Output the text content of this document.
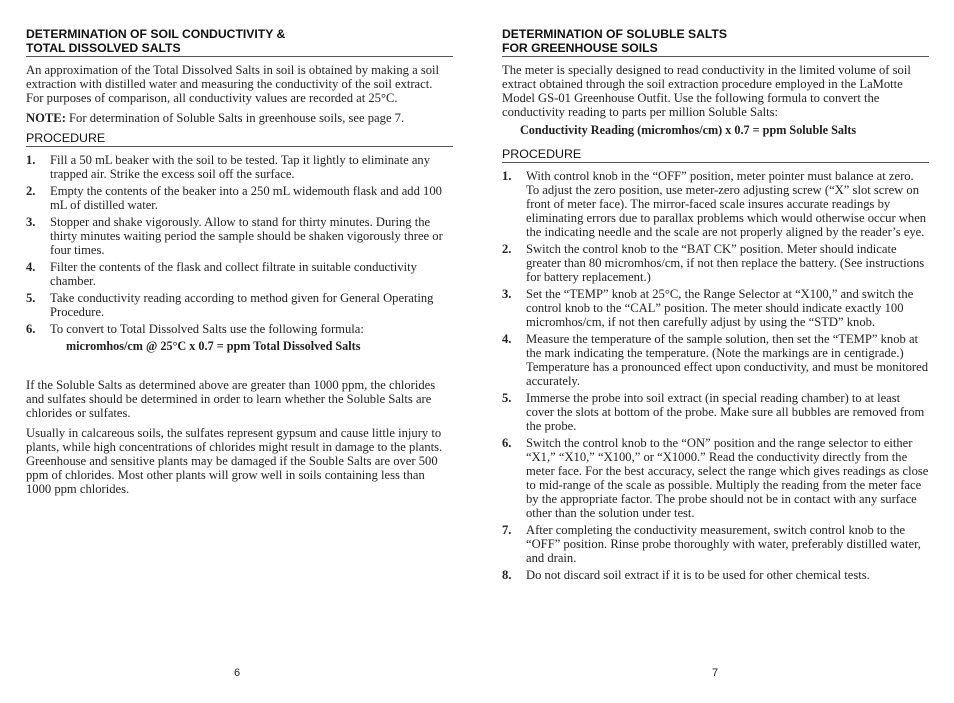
DETERMINATION OF SOIL CONDUCTIVITY &
TOTAL DISSOLVED SALTS

An approximation of the Total Dissolved Salts in soil is obtained by making a soil extraction with distilled water and measuring the conductivity of the soil extract. For purposes of comparison, all conductivity values are recorded at 25°C.

NOTE: For determination of Soluble Salts in greenhouse soils, see page 7.

PROCEDURE
1.	Fill a 50 mL beaker with the soil to be tested. Tap it lightly to eliminate any trapped air. Strike the excess soil off the surface.
2.	Empty the contents of the beaker into a 250 mL widemouth flask and add 100 mL of distilled water.
3.	Stopper and shake vigorously. Allow to stand for thirty minutes. During the thirty minutes waiting period the sample should be shaken vigorously three or four times.
4.	Filter the contents of the flask and collect filtrate in suitable conductivity chamber.
5.	Take conductivity reading according to method given for General Operating Procedure.
6.	To convert to Total Dissolved Salts use the following formula:
micromhos/cm @ 25°C x 0.7 = ppm Total Dissolved Salts

If the Soluble Salts as determined above are greater than 1000 ppm, the chlorides and sulfates should be determined in order to learn whether the Soluble Salts are chlorides or sulfates.

Usually in calcareous soils, the sulfates represent gypsum and cause little injury to plants, while high concentrations of chlorides might result in damage to the plants. Greenhouse and sensitive plants may be damaged if the Souble Salts are over 500 ppm of chlorides. Most other plants will grow well in soils containing less than 1000 ppm chlorides.

6
DETERMINATION OF SOLUBLE SALTS
FOR GREENHOUSE SOILS

The meter is specially designed to read conductivity in the limited volume of soil extract obtained through the soil extraction procedure employed in the LaMotte Model GS-01 Greenhouse Outfit. Use the following formula to convert the conductivity reading to parts per million Soluble Salts:

Conductivity Reading (micromhos/cm) x 0.7 = ppm Soluble Salts
PROCEDURE
1.	With control knob in the “OFF” position, meter pointer must balance at zero. To adjust the zero position, use meter-zero adjusting screw (“X” slot screw on front of meter face). The mirror-faced scale insures accurate readings by eliminating errors due to parallax problems which would otherwise occur when the indicating needle and the scale are not properly aligned by the reader’s eye.
2.	Switch the control knob to the “BAT CK” position. Meter should indicate greater than 80 micromhos/cm, if not then replace the battery. (See instructions for battery replacement.)
3.	Set the “TEMP” knob at 25°C, the Range Selector at “X100,” and switch the control knob to the “CAL” position. The meter should indicate exactly 100 micromhos/cm, if not then carefully adjust by using the “STD” knob.
4.	Measure the temperature of the sample solution, then set the “TEMP” knob at the mark indicating the temperature. (Note the markings are in centigrade.) Temperature has a pronounced effect upon conductivity, and must be monitored accurately.
5.	Immerse the probe into soil extract (in special reading chamber) to at least cover the slots at bottom of the probe. Make sure all bubbles are removed from the probe.
6.	Switch the control knob to the “ON” position and the range selector to either “X1,” “X10,” “X100,” or “X1000.” Read the conductivity directly from the meter face. For the best accuracy, select the range which gives readings as close to mid-range of the scale as possible. Multiply the reading from the meter face by the appropriate factor. The probe should not be in contact with any surface other than the solution under test.
7.	After completing the conductivity measurement, switch control knob to the “OFF” position. Rinse probe thoroughly with water, preferably distilled water, and drain.
8.	Do not discard soil extract if it is to be used for other chemical tests.
7
